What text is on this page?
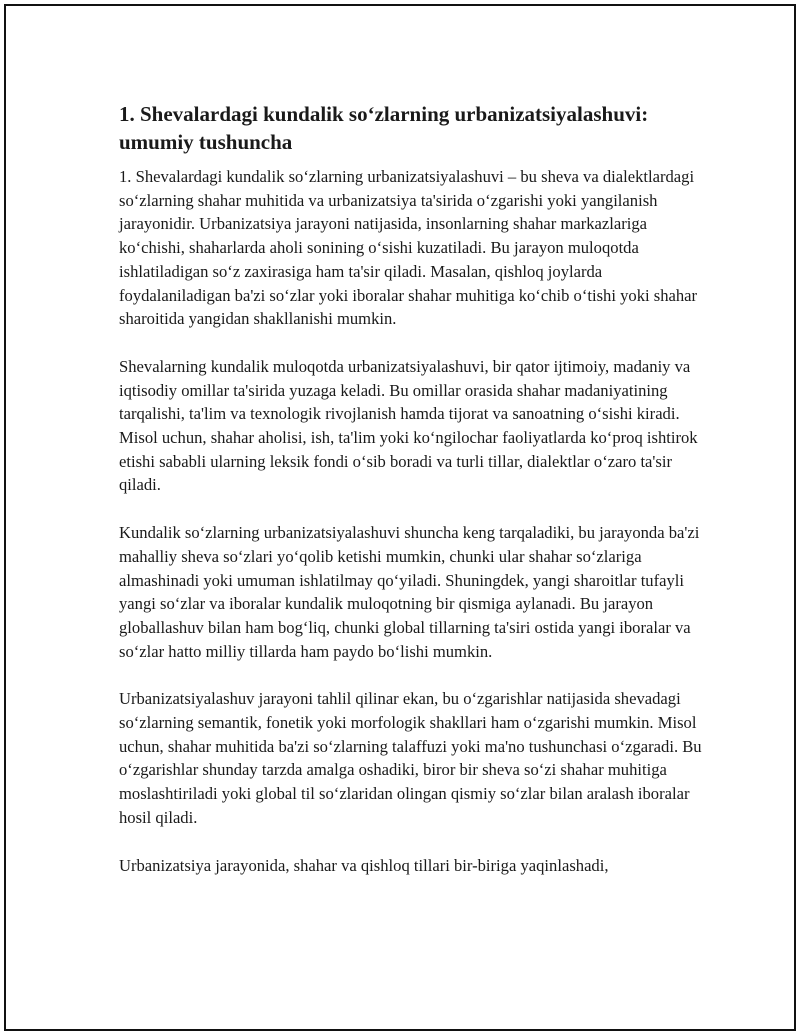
1. Shevalardagi kundalik so‘zlarning urbanizatsiyalashuvi: umumiy tushuncha

1. Shevalardagi kundalik so‘zlarning urbanizatsiyalashuvi – bu sheva va dialektlardagi so‘zlarning shahar muhitida va urbanizatsiya ta'sirida o‘zgarishi yoki yangilanish jarayonidir. Urbanizatsiya jarayoni natijasida, insonlarning shahar markazlariga ko‘chishi, shaharlarda aholi sonining o‘sishi kuzatiladi. Bu jarayon muloqotda ishlatiladigan so‘z zaxirasiga ham ta'sir qiladi. Masalan, qishloq joylarda foydalaniladigan ba'zi so‘zlar yoki iboralar shahar muhitiga ko‘chib o‘tishi yoki shahar sharoitida yangidan shakllanishi mumkin.

Shevalarning kundalik muloqotda urbanizatsiyalashuvi, bir qator ijtimoiy, madaniy va iqtisodiy omillar ta'sirida yuzaga keladi. Bu omillar orasida shahar madaniyatining tarqalishi, ta'lim va texnologik rivojlanish hamda tijorat va sanoatning o‘sishi kiradi. Misol uchun, shahar aholisi, ish, ta'lim yoki ko‘ngilochar faoliyatlarda ko‘proq ishtirok etishi sababli ularning leksik fondi o‘sib boradi va turli tillar, dialektlar o‘zaro ta'sir qiladi.

Kundalik so‘zlarning urbanizatsiyalashuvi shuncha keng tarqaladiki, bu jarayonda ba'zi mahalliy sheva so‘zlari yo‘qolib ketishi mumkin, chunki ular shahar so‘zlariga almashinadi yoki umuman ishlatilmay qo‘yiladi. Shuningdek, yangi sharoitlar tufayli yangi so‘zlar va iboralar kundalik muloqotning bir qismiga aylanadi. Bu jarayon globallashuv bilan ham bog‘liq, chunki global tillarning ta'siri ostida yangi iboralar va so‘zlar hatto milliy tillarda ham paydo bo‘lishi mumkin.

Urbanizatsiyalashuv jarayoni tahlil qilinar ekan, bu o‘zgarishlar natijasida shevadagi so‘zlarning semantik, fonetik yoki morfologik shakllari ham o‘zgarishi mumkin. Misol uchun, shahar muhitida ba'zi so‘zlarning talaffuzi yoki ma'no tushunchasi o‘zgaradi. Bu o‘zgarishlar shunday tarzda amalga oshadiki, biror bir sheva so‘zi shahar muhitiga moslashtiriladi yoki global til so‘zlaridan olingan qismiy so‘zlar bilan aralash iboralar hosil qiladi.

Urbanizatsiya jarayonida, shahar va qishloq tillari bir-biriga yaqinlashadi,
